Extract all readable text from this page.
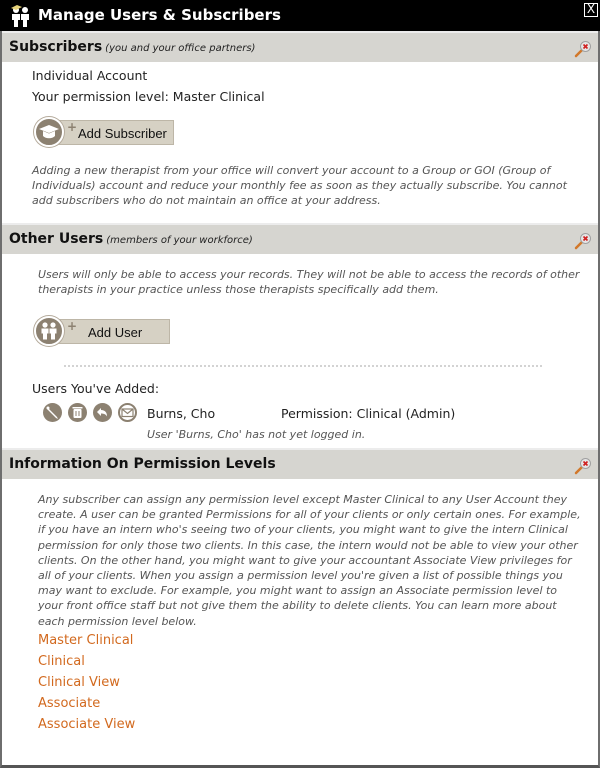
Manage Users & Subscribers	X
Subscribers (you and your office partners)
Individual Account
Your permission level: Master Clinical
+ Add Subscriber
Adding a new therapist from your office will convert your account to a Group or GOI (Group of Individuals) account and reduce your monthly fee as soon as they actually subscribe. You cannot add subscribers who do not maintain an office at your address.
Other Users (members of your workforce)
Users will only be able to access your records. They will not be able to access the records of other therapists in your practice unless those therapists specifically add them.
+ Add User
Users You've Added:
Burns, Cho	Permission: Clinical (Admin)
User 'Burns, Cho' has not yet logged in.
Information On Permission Levels
Any subscriber can assign any permission level except Master Clinical to any User Account they create. A user can be granted Permissions for all of your clients or only certain ones. For example, if you have an intern who's seeing two of your clients, you might want to give the intern Clinical permission for only those two clients. In this case, the intern would not be able to view your other clients. On the other hand, you might want to give your accountant Associate View privileges for all of your clients. When you assign a permission level you're given a list of possible things you may want to exclude. For example, you might want to assign an Associate permission level to your front office staff but not give them the ability to delete clients. You can learn more about each permission level below.
Master Clinical
Clinical
Clinical View
Associate
Associate View
